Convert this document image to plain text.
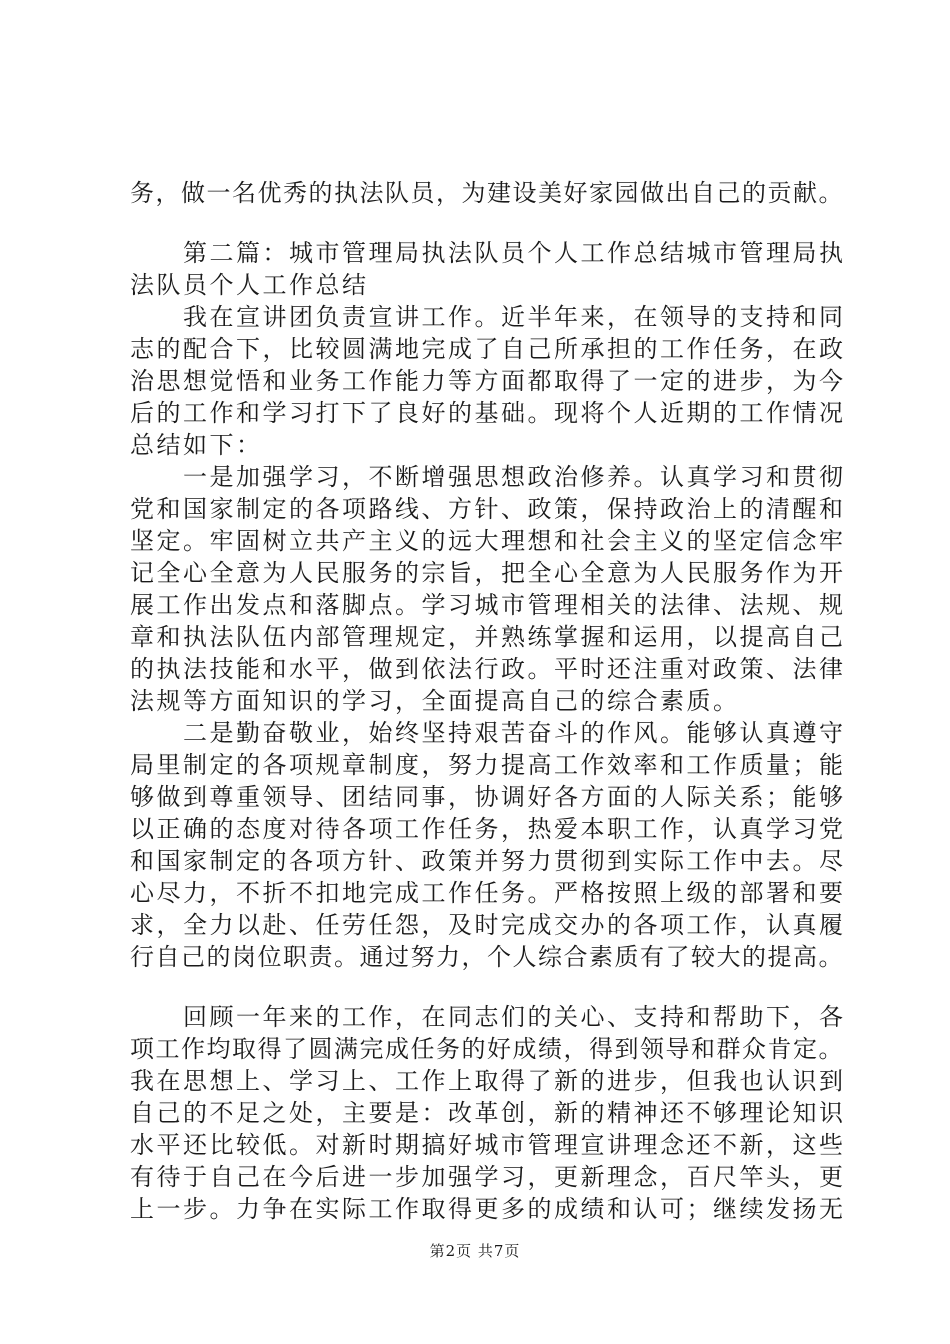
务，做一名优秀的执法队员，为建设美好家园做出自己的贡献。
　　第二篇：城市管理局执法队员个人工作总结城市管理局执
法队员个人工作总结
　　我在宣讲团负责宣讲工作。近半年来，在领导的支持和同
志的配合下，比较圆满地完成了自己所承担的工作任务，在政
治思想觉悟和业务工作能力等方面都取得了一定的进步，为今
后的工作和学习打下了良好的基础。现将个人近期的工作情况
总结如下：
　　一是加强学习，不断增强思想政治修养。认真学习和贯彻
党和国家制定的各项路线、方针、政策，保持政治上的清醒和
坚定。牢固树立共产主义的远大理想和社会主义的坚定信念牢
记全心全意为人民服务的宗旨，把全心全意为人民服务作为开
展工作出发点和落脚点。学习城市管理相关的法律、法规、规
章和执法队伍内部管理规定，并熟练掌握和运用，以提高自己
的执法技能和水平，做到依法行政。平时还注重对政策、法律
法规等方面知识的学习，全面提高自己的综合素质。
　　二是勤奋敬业，始终坚持艰苦奋斗的作风。能够认真遵守
局里制定的各项规章制度，努力提高工作效率和工作质量；能
够做到尊重领导、团结同事，协调好各方面的人际关系；能够
以正确的态度对待各项工作任务，热爱本职工作，认真学习党
和国家制定的各项方针、政策并努力贯彻到实际工作中去。尽
心尽力，不折不扣地完成工作任务。严格按照上级的部署和要
求，全力以赴、任劳任怨，及时完成交办的各项工作，认真履
行自己的岗位职责。通过努力，个人综合素质有了较大的提高。
　　回顾一年来的工作，在同志们的关心、支持和帮助下，各
项工作均取得了圆满完成任务的好成绩，得到领导和群众肯定。
我在思想上、学习上、工作上取得了新的进步，但我也认识到
自己的不足之处，主要是：改革创，新的精神还不够理论知识
水平还比较低。对新时期搞好城市管理宣讲理念还不新，这些
有待于自己在今后进一步加强学习，更新理念，百尺竿头，更
上一步。力争在实际工作取得更多的成绩和认可；继续发扬无
第2页 共7页
